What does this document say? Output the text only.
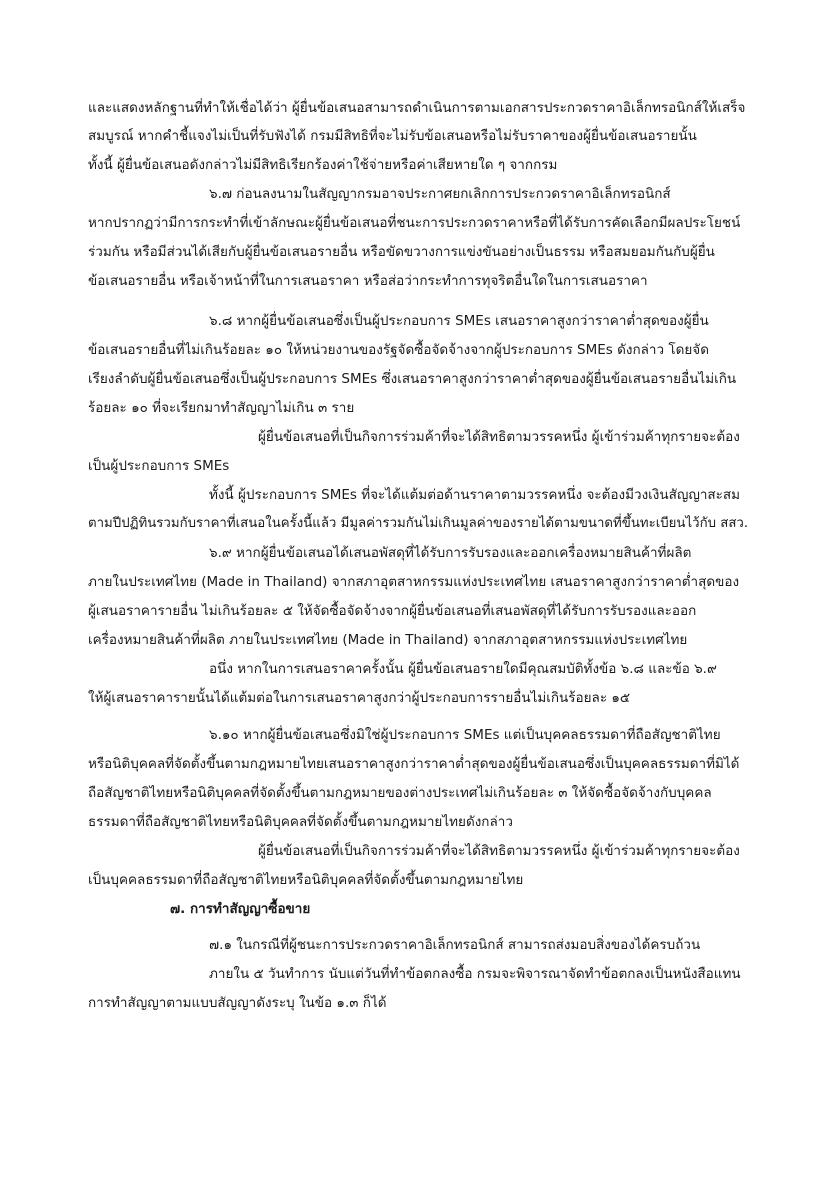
และแสดงหลักฐานที่ทำให้เชื่อได้ว่า ผู้ยื่นข้อเสนอสามารถดำเนินการตามเอกสารประกวดราคาอิเล็กทรอนิกส์ให้เสร็จ
สมบูรณ์ หากคำชี้แจงไม่เป็นที่รับฟังได้ กรมมีสิทธิที่จะไม่รับข้อเสนอหรือไม่รับราคาของผู้ยื่นข้อเสนอรายนั้น
ทั้งนี้ ผู้ยื่นข้อเสนอดังกล่าวไม่มีสิทธิเรียกร้องค่าใช้จ่ายหรือค่าเสียหายใด ๆ จากกรม
๖.๗ ก่อนลงนามในสัญญากรมอาจประกาศยกเลิกการประกวดราคาอิเล็กทรอนิกส์
หากปรากฏว่ามีการกระทำที่เข้าลักษณะผู้ยื่นข้อเสนอที่ชนะการประกวดราคาหรือที่ได้รับการคัดเลือกมีผลประโยชน์
ร่วมกัน หรือมีส่วนได้เสียกับผู้ยื่นข้อเสนอรายอื่น หรือขัดขวางการแข่งขันอย่างเป็นธรรม หรือสมยอมกันกับผู้ยื่น
ข้อเสนอรายอื่น หรือเจ้าหน้าที่ในการเสนอราคา หรือส่อว่ากระทำการทุจริตอื่นใดในการเสนอราคา
๖.๘ หากผู้ยื่นข้อเสนอซึ่งเป็นผู้ประกอบการ SMEs เสนอราคาสูงกว่าราคาต่ำสุดของผู้ยื่น
ข้อเสนอรายอื่นที่ไม่เกินร้อยละ ๑๐ ให้หน่วยงานของรัฐจัดซื้อจัดจ้างจากผู้ประกอบการ SMEs ดังกล่าว โดยจัด
เรียงลำดับผู้ยื่นข้อเสนอซึ่งเป็นผู้ประกอบการ SMEs ซึ่งเสนอราคาสูงกว่าราคาต่ำสุดของผู้ยื่นข้อเสนอรายอื่นไม่เกิน
ร้อยละ ๑๐ ที่จะเรียกมาทำสัญญาไม่เกิน ๓ ราย
ผู้ยื่นข้อเสนอที่เป็นกิจการร่วมค้าที่จะได้สิทธิตามวรรคหนึ่ง ผู้เข้าร่วมค้าทุกรายจะต้อง
เป็นผู้ประกอบการ SMEs
ทั้งนี้ ผู้ประกอบการ SMEs ที่จะได้แต้มต่อด้านราคาตามวรรคหนึ่ง จะต้องมีวงเงินสัญญาสะสม
ตามปีปฏิทินรวมกับราคาที่เสนอในครั้งนี้แล้ว มีมูลค่ารวมกันไม่เกินมูลค่าของรายได้ตามขนาดที่ขึ้นทะเบียนไว้กับ สสว.
๖.๙ หากผู้ยื่นข้อเสนอได้เสนอพัสดุที่ได้รับการรับรองและออกเครื่องหมายสินค้าที่ผลิต
ภายในประเทศไทย (Made in Thailand) จากสภาอุตสาหกรรมแห่งประเทศไทย เสนอราคาสูงกว่าราคาต่ำสุดของ
ผู้เสนอราคารายอื่น ไม่เกินร้อยละ ๕ ให้จัดซื้อจัดจ้างจากผู้ยื่นข้อเสนอที่เสนอพัสดุที่ได้รับการรับรองและออก
เครื่องหมายสินค้าที่ผลิต ภายในประเทศไทย (Made in Thailand) จากสภาอุตสาหกรรมแห่งประเทศไทย
อนึ่ง หากในการเสนอราคาครั้งนั้น ผู้ยื่นข้อเสนอรายใดมีคุณสมบัติทั้งข้อ ๖.๘ และข้อ ๖.๙
ให้ผู้เสนอราคารายนั้นได้แต้มต่อในการเสนอราคาสูงกว่าผู้ประกอบการรายอื่นไม่เกินร้อยละ ๑๕
๖.๑๐ หากผู้ยื่นข้อเสนอซึ่งมิใช่ผู้ประกอบการ SMEs แต่เป็นบุคคลธรรมดาที่ถือสัญชาติไทย
หรือนิติบุคคลที่จัดตั้งขึ้นตามกฎหมายไทยเสนอราคาสูงกว่าราคาต่ำสุดของผู้ยื่นข้อเสนอซึ่งเป็นบุคคลธรรมดาที่มิได้
ถือสัญชาติไทยหรือนิติบุคคลที่จัดตั้งขึ้นตามกฎหมายของต่างประเทศไม่เกินร้อยละ ๓ ให้จัดซื้อจัดจ้างกับบุคคล
ธรรมดาที่ถือสัญชาติไทยหรือนิติบุคคลที่จัดตั้งขึ้นตามกฎหมายไทยดังกล่าว
ผู้ยื่นข้อเสนอที่เป็นกิจการร่วมค้าที่จะได้สิทธิตามวรรคหนึ่ง ผู้เข้าร่วมค้าทุกรายจะต้อง
เป็นบุคคลธรรมดาที่ถือสัญชาติไทยหรือนิติบุคคลที่จัดตั้งขึ้นตามกฎหมายไทย
๗. การทำสัญญาซื้อขาย
๗.๑ ในกรณีที่ผู้ชนะการประกวดราคาอิเล็กทรอนิกส์ สามารถส่งมอบสิ่งของได้ครบถ้วน
ภายใน ๕ วันทำการ นับแต่วันที่ทำข้อตกลงซื้อ กรมจะพิจารณาจัดทำข้อตกลงเป็นหนังสือแทน
การทำสัญญาตามแบบสัญญาดังระบุ ในข้อ ๑.๓ ก็ได้
